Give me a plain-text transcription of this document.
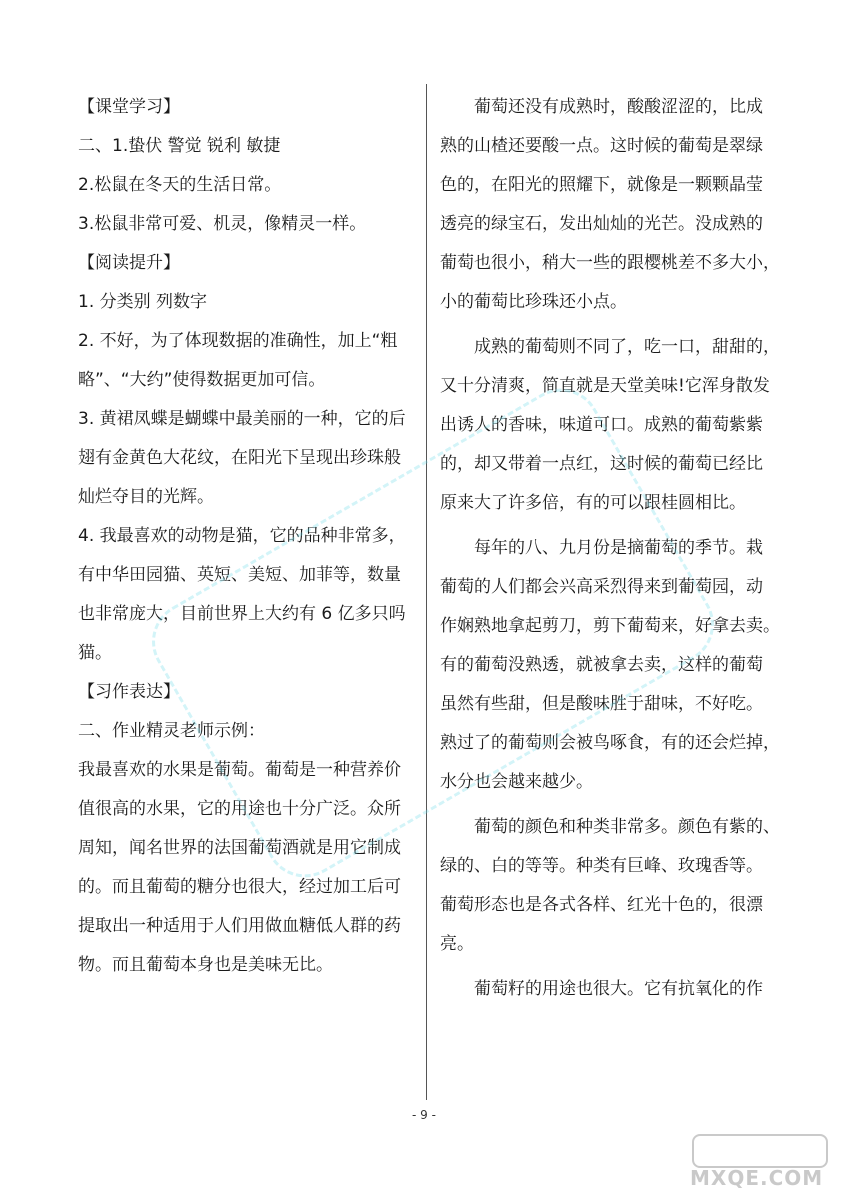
【课堂学习】
二、1.蛰伏 警觉 锐利 敏捷
2.松鼠在冬天的生活日常。
3.松鼠非常可爱、机灵，像精灵一样。
【阅读提升】
1. 分类别 列数字
2. 不好，为了体现数据的准确性，加上“粗
略”、“大约”使得数据更加可信。
3. 黄裙凤蝶是蝴蝶中最美丽的一种，它的后
翅有金黄色大花纹，在阳光下呈现出珍珠般
灿烂夺目的光辉。
4. 我最喜欢的动物是猫，它的品种非常多，
有中华田园猫、英短、美短、加菲等，数量
也非常庞大，目前世界上大约有 6 亿多只吗
猫。
【习作表达】
二、作业精灵老师示例：
我最喜欢的水果是葡萄。葡萄是一种营养价
值很高的水果，它的用途也十分广泛。众所
周知，闻名世界的法国葡萄酒就是用它制成
的。而且葡萄的糖分也很大，经过加工后可
提取出一种适用于人们用做血糖低人群的药
物。而且葡萄本身也是美味无比。
葡萄还没有成熟时，酸酸涩涩的，比成
熟的山楂还要酸一点。这时候的葡萄是翠绿
色的，在阳光的照耀下，就像是一颗颗晶莹
透亮的绿宝石，发出灿灿的光芒。没成熟的
葡萄也很小，稍大一些的跟樱桃差不多大小，
小的葡萄比珍珠还小点。
成熟的葡萄则不同了，吃一口，甜甜的，
又十分清爽，简直就是天堂美味!它浑身散发
出诱人的香味，味道可口。成熟的葡萄紫紫
的，却又带着一点红，这时候的葡萄已经比
原来大了许多倍，有的可以跟桂圆相比。
每年的八、九月份是摘葡萄的季节。栽
葡萄的人们都会兴高采烈得来到葡萄园，动
作娴熟地拿起剪刀，剪下葡萄来，好拿去卖。
有的葡萄没熟透，就被拿去卖，这样的葡萄
虽然有些甜，但是酸味胜于甜味，不好吃。
熟过了的葡萄则会被鸟啄食，有的还会烂掉，
水分也会越来越少。
葡萄的颜色和种类非常多。颜色有紫的、
绿的、白的等等。种类有巨峰、玫瑰香等。
葡萄形态也是各式各样、红光十色的，很漂
亮。
葡萄籽的用途也很大。它有抗氧化的作
- 9 -
MXQE.COM
